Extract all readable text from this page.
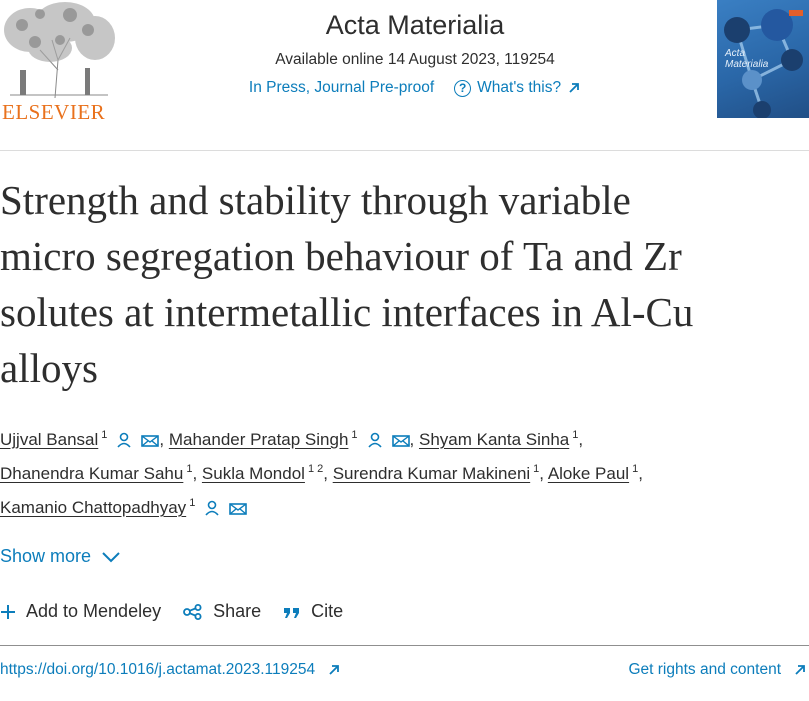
ELSEVIER
Acta Materialia
Available online 14 August 2023, 119254
In Press, Journal Pre-proof	? What's this?
Acta Materialia
Strength and stability through variable
micro segregation behaviour of Ta and Zr
solutes at intermetallic interfaces in Al-Cu
alloys
Ujjval Bansal $^1$	, Mahander Pratap Singh $^1$	, Shyam Kanta Sinha $^1$,
Dhanendra Kumar Sahu $^1$, Sukla Mondol $^{1 2}$, Surendra Kumar Makineni $^1$, Aloke Paul $^1$,
Kamanio Chattopadhyay $^1$
Show more
Add to Mendeley	Share	Cite
https://doi.org/10.1016/j.actamat.2023.119254	Get rights and content
